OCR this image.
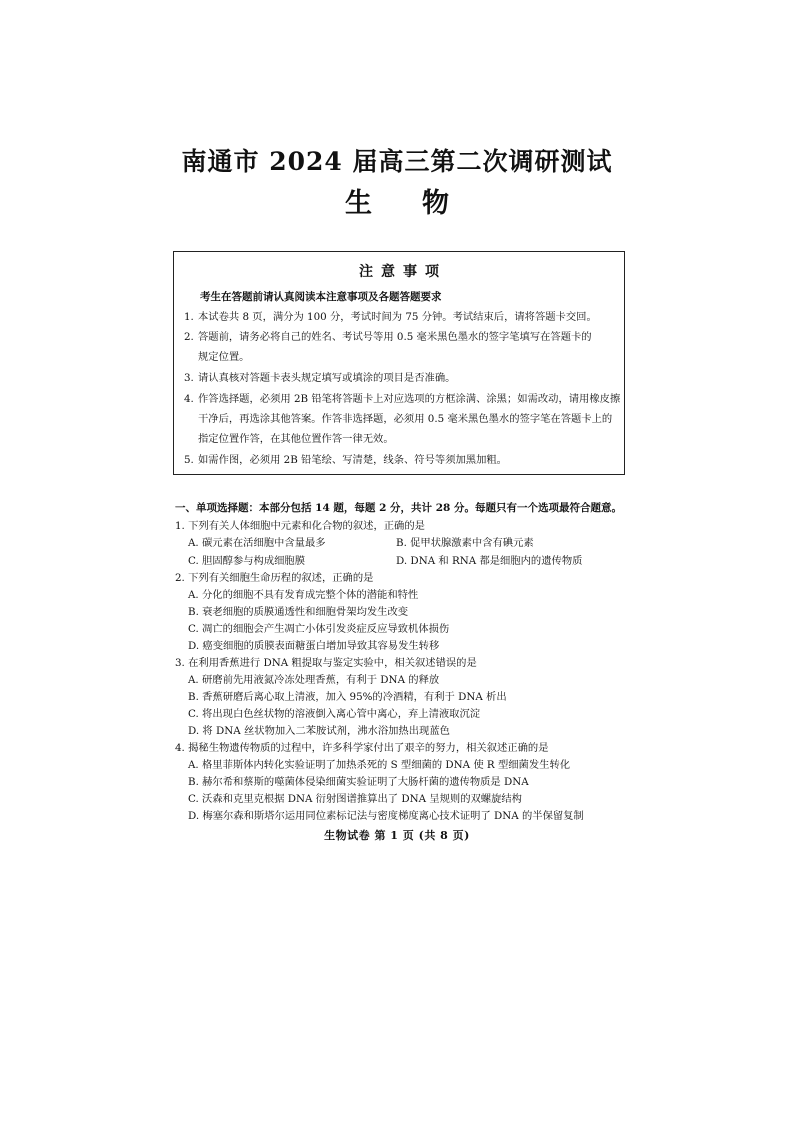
南通市 2024 届高三第二次调研测试
生物
注意事项
考生在答题前请认真阅读本注意事项及各题答题要求
1. 本试卷共 8 页，满分为 100 分，考试时间为 75 分钟。考试结束后，请将答题卡交回。
2. 答题前，请务必将自己的姓名、考试号等用 0.5 毫米黑色墨水的签字笔填写在答题卡的
规定位置。
3. 请认真核对答题卡表头规定填写或填涂的项目是否准确。
4. 作答选择题，必须用 2B 铅笔将答题卡上对应选项的方框涂满、涂黑；如需改动，请用橡皮擦
干净后，再选涂其他答案。作答非选择题，必须用 0.5 毫米黑色墨水的签字笔在答题卡上的
指定位置作答，在其他位置作答一律无效。
5. 如需作图，必须用 2B 铅笔绘、写清楚，线条、符号等须加黑加粗。
一、单项选择题：本部分包括 14 题，每题 2 分，共计 28 分。每题只有一个选项最符合题意。
1. 下列有关人体细胞中元素和化合物的叙述，正确的是
A. 碳元素在活细胞中含量最多	B. 促甲状腺激素中含有碘元素
C. 胆固醇参与构成细胞膜	D. DNA 和 RNA 都是细胞内的遗传物质
2. 下列有关细胞生命历程的叙述，正确的是
A. 分化的细胞不具有发育成完整个体的潜能和特性
B. 衰老细胞的质膜通透性和细胞骨架均发生改变
C. 凋亡的细胞会产生凋亡小体引发炎症反应导致机体损伤
D. 癌变细胞的质膜表面糖蛋白增加导致其容易发生转移
3. 在利用香蕉进行 DNA 粗提取与鉴定实验中，相关叙述错误的是
A. 研磨前先用液氮冷冻处理香蕉，有利于 DNA 的释放
B. 香蕉研磨后离心取上清液，加入 95%的冷酒精，有利于 DNA 析出
C. 将出现白色丝状物的溶液倒入离心管中离心，弃上清液取沉淀
D. 将 DNA 丝状物加入二苯胺试剂，沸水浴加热出现蓝色
4. 揭秘生物遗传物质的过程中，许多科学家付出了艰辛的努力，相关叙述正确的是
A. 格里菲斯体内转化实验证明了加热杀死的 S 型细菌的 DNA 使 R 型细菌发生转化
B. 赫尔希和蔡斯的噬菌体侵染细菌实验证明了大肠杆菌的遗传物质是 DNA
C. 沃森和克里克根据 DNA 衍射图谱推算出了 DNA 呈规则的双螺旋结构
D. 梅塞尔森和斯塔尔运用同位素标记法与密度梯度离心技术证明了 DNA 的半保留复制
生物试卷 第 1 页 (共 8 页)
